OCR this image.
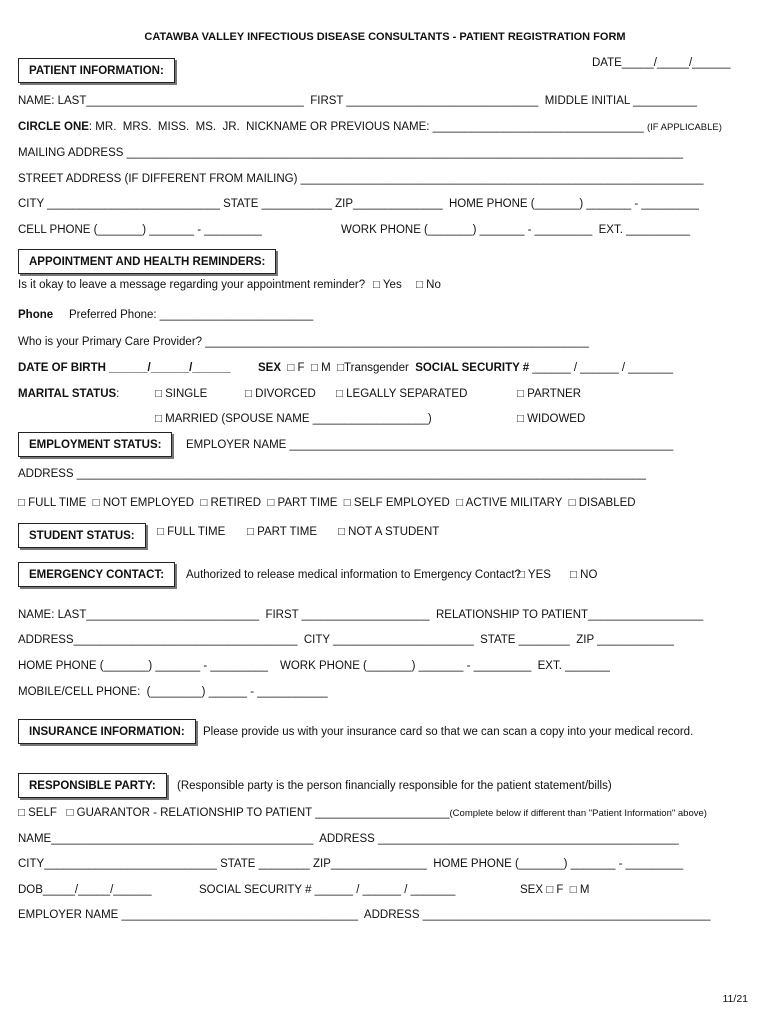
CATAWBA VALLEY INFECTIOUS DISEASE CONSULTANTS - PATIENT REGISTRATION FORM
DATE_____/_____/______
PATIENT INFORMATION:
NAME: LAST__________________________________  FIRST ______________________________  MIDDLE INITIAL __________
CIRCLE ONE: MR.  MRS.  MISS.  MS.  JR.  NICKNAME OR PREVIOUS NAME: _________________________________ (IF APPLICABLE)
MAILING ADDRESS _______________________________________________________________________________________
STREET ADDRESS (IF DIFFERENT FROM MAILING) _______________________________________________________________
CITY ___________________________ STATE ___________ ZIP______________  HOME PHONE (_______) _______ - _________
CELL PHONE (_______) _______ - _________	WORK PHONE (_______) _______ - _________  EXT. __________
APPOINTMENT AND HEALTH REMINDERS:
Is it okay to leave a message regarding your appointment reminder? □ Yes □ No
Phone Preferred Phone: ________________________
Who is your Primary Care Provider? ____________________________________________________________
DATE OF BIRTH ______/______/______ SEX □ F  □ M  □Transgender SOCIAL SECURITY # ______ / ______ / _______
MARITAL STATUS:	□ SINGLE	□ DIVORCED □ LEGALLY SEPARATED	□ PARTNER
□ MARRIED (SPOUSE NAME __________________)	□ WIDOWED
EMPLOYMENT STATUS:	EMPLOYER NAME ____________________________________________________________
ADDRESS _________________________________________________________________________________________
□ FULL TIME  □ NOT EMPLOYED  □ RETIRED  □ PART TIME  □ SELF EMPLOYED  □ ACTIVE MILITARY  □ DISABLED
STUDENT STATUS:	□ FULL TIME □ PART TIME □ NOT A STUDENT
EMERGENCY CONTACT:	Authorized to release medical information to Emergency Contact?
□ YES □ NO
NAME: LAST___________________________  FIRST ____________________  RELATIONSHIP TO PATIENT__________________
ADDRESS___________________________________  CITY ______________________  STATE ________  ZIP ____________
HOME PHONE (_______) _______ - _________ WORK PHONE (_______) _______ - _________  EXT. _______
MOBILE/CELL PHONE:  (________) ______ - ___________
INSURANCE INFORMATION:	Please provide us with your insurance card so that we can scan a copy into your medical record.
RESPONSIBLE PARTY:	(Responsible party is the person financially responsible for the patient statement/bills)
□ SELF   □ GUARANTOR - RELATIONSHIP TO PATIENT _____________________(Complete below if different than "Patient Information" above)
NAME_________________________________________  ADDRESS _______________________________________________
CITY___________________________ STATE ________ ZIP_______________  HOME PHONE (_______) _______ - _________
DOB_____/_____/______	SOCIAL SECURITY # ______ / ______ / _______	SEX □ F  □ M
EMPLOYER NAME _____________________________________  ADDRESS _____________________________________________
11/21
